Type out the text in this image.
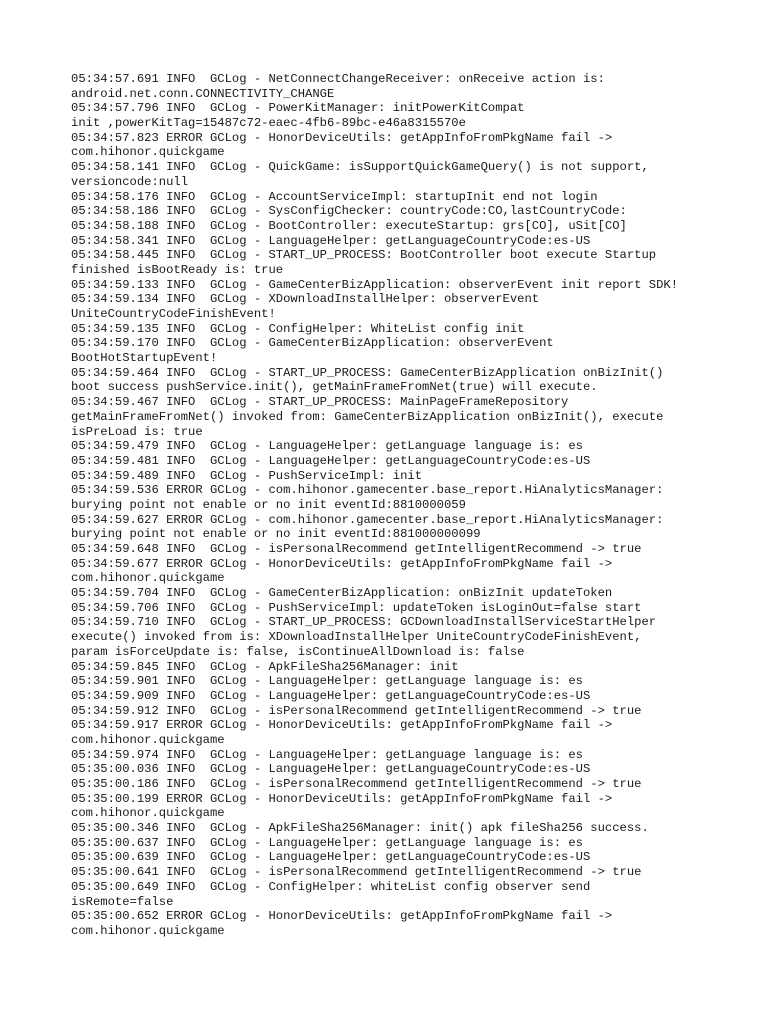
05:34:57.691 INFO  GCLog - NetConnectChangeReceiver: onReceive action is:
android.net.conn.CONNECTIVITY_CHANGE
05:34:57.796 INFO  GCLog - PowerKitManager: initPowerKitCompat
init ,powerKitTag=15487c72-eaec-4fb6-89bc-e46a8315570e
05:34:57.823 ERROR GCLog - HonorDeviceUtils: getAppInfoFromPkgName fail ->
com.hihonor.quickgame
05:34:58.141 INFO  GCLog - QuickGame: isSupportQuickGameQuery() is not support,
versioncode:null
05:34:58.176 INFO  GCLog - AccountServiceImpl: startupInit end not login
05:34:58.186 INFO  GCLog - SysConfigChecker: countryCode:CO,lastCountryCode:
05:34:58.188 INFO  GCLog - BootController: executeStartup: grs[CO], uSit[CO]
05:34:58.341 INFO  GCLog - LanguageHelper: getLanguageCountryCode:es-US
05:34:58.445 INFO  GCLog - START_UP_PROCESS: BootController boot execute Startup
finished isBootReady is: true
05:34:59.133 INFO  GCLog - GameCenterBizApplication: observerEvent init report SDK!
05:34:59.134 INFO  GCLog - XDownloadInstallHelper: observerEvent
UniteCountryCodeFinishEvent!
05:34:59.135 INFO  GCLog - ConfigHelper: WhiteList config init
05:34:59.170 INFO  GCLog - GameCenterBizApplication: observerEvent
BootHotStartupEvent!
05:34:59.464 INFO  GCLog - START_UP_PROCESS: GameCenterBizApplication onBizInit()
boot success pushService.init(), getMainFrameFromNet(true) will execute.
05:34:59.467 INFO  GCLog - START_UP_PROCESS: MainPageFrameRepository
getMainFrameFromNet() invoked from: GameCenterBizApplication onBizInit(), execute
isPreLoad is: true
05:34:59.479 INFO  GCLog - LanguageHelper: getLanguage language is: es
05:34:59.481 INFO  GCLog - LanguageHelper: getLanguageCountryCode:es-US
05:34:59.489 INFO  GCLog - PushServiceImpl: init
05:34:59.536 ERROR GCLog - com.hihonor.gamecenter.base_report.HiAnalyticsManager:
burying point not enable or no init eventId:8810000059
05:34:59.627 ERROR GCLog - com.hihonor.gamecenter.base_report.HiAnalyticsManager:
burying point not enable or no init eventId:881000000099
05:34:59.648 INFO  GCLog - isPersonalRecommend getIntelligentRecommend -> true
05:34:59.677 ERROR GCLog - HonorDeviceUtils: getAppInfoFromPkgName fail ->
com.hihonor.quickgame
05:34:59.704 INFO  GCLog - GameCenterBizApplication: onBizInit updateToken
05:34:59.706 INFO  GCLog - PushServiceImpl: updateToken isLoginOut=false start
05:34:59.710 INFO  GCLog - START_UP_PROCESS: GCDownloadInstallServiceStartHelper
execute() invoked from is: XDownloadInstallHelper UniteCountryCodeFinishEvent,
param isForceUpdate is: false, isContinueAllDownload is: false
05:34:59.845 INFO  GCLog - ApkFileSha256Manager: init
05:34:59.901 INFO  GCLog - LanguageHelper: getLanguage language is: es
05:34:59.909 INFO  GCLog - LanguageHelper: getLanguageCountryCode:es-US
05:34:59.912 INFO  GCLog - isPersonalRecommend getIntelligentRecommend -> true
05:34:59.917 ERROR GCLog - HonorDeviceUtils: getAppInfoFromPkgName fail ->
com.hihonor.quickgame
05:34:59.974 INFO  GCLog - LanguageHelper: getLanguage language is: es
05:35:00.036 INFO  GCLog - LanguageHelper: getLanguageCountryCode:es-US
05:35:00.186 INFO  GCLog - isPersonalRecommend getIntelligentRecommend -> true
05:35:00.199 ERROR GCLog - HonorDeviceUtils: getAppInfoFromPkgName fail ->
com.hihonor.quickgame
05:35:00.346 INFO  GCLog - ApkFileSha256Manager: init() apk fileSha256 success.
05:35:00.637 INFO  GCLog - LanguageHelper: getLanguage language is: es
05:35:00.639 INFO  GCLog - LanguageHelper: getLanguageCountryCode:es-US
05:35:00.641 INFO  GCLog - isPersonalRecommend getIntelligentRecommend -> true
05:35:00.649 INFO  GCLog - ConfigHelper: whiteList config observer send
isRemote=false
05:35:00.652 ERROR GCLog - HonorDeviceUtils: getAppInfoFromPkgName fail ->
com.hihonor.quickgame
